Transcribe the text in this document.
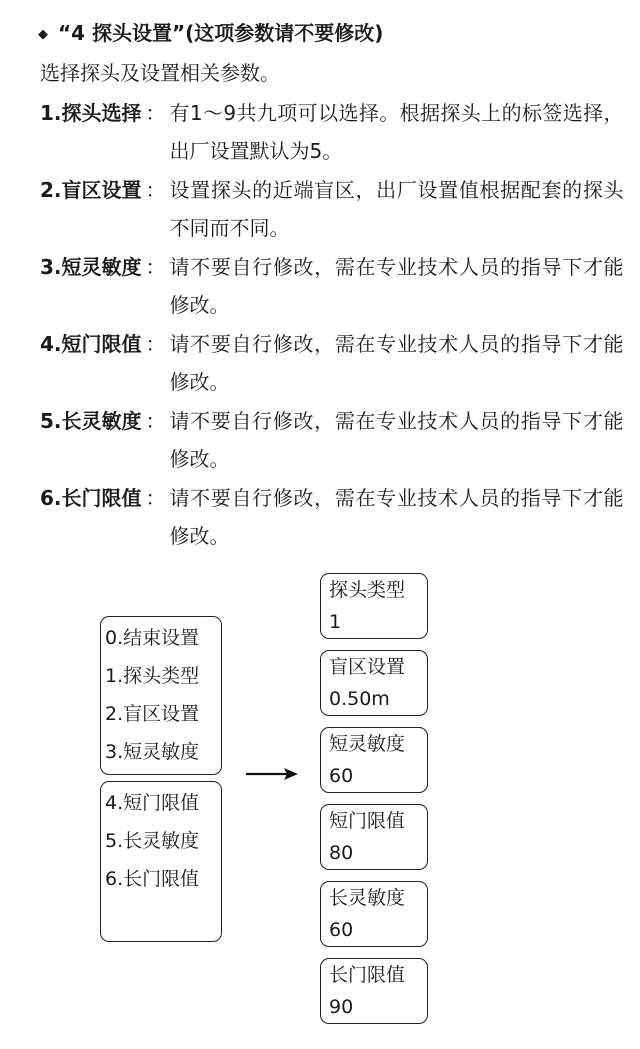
◆ “4 探头设置”(这项参数请不要修改)
选择探头及设置相关参数。
1.探头选择 ： 有1～9共九项可以选择。根据探头上的标签选择，出厂设置默认为5。
2.盲区设置 ： 设置探头的近端盲区，出厂设置值根据配套的探头不同而不同。
3.短灵敏度 ： 请不要自行修改，需在专业技术人员的指导下才能修改。
4.短门限值 ： 请不要自行修改，需在专业技术人员的指导下才能修改。
5.长灵敏度 ： 请不要自行修改，需在专业技术人员的指导下才能修改。
6.长门限值 ： 请不要自行修改，需在专业技术人员的指导下才能修改。
0.结束设置
1.探头类型
2.盲区设置
3.短灵敏度
4.短门限值
5.长灵敏度
6.长门限值
探头类型
1
盲区设置
0.50m
短灵敏度
60
短门限值
80
长灵敏度
60
长门限值
90
